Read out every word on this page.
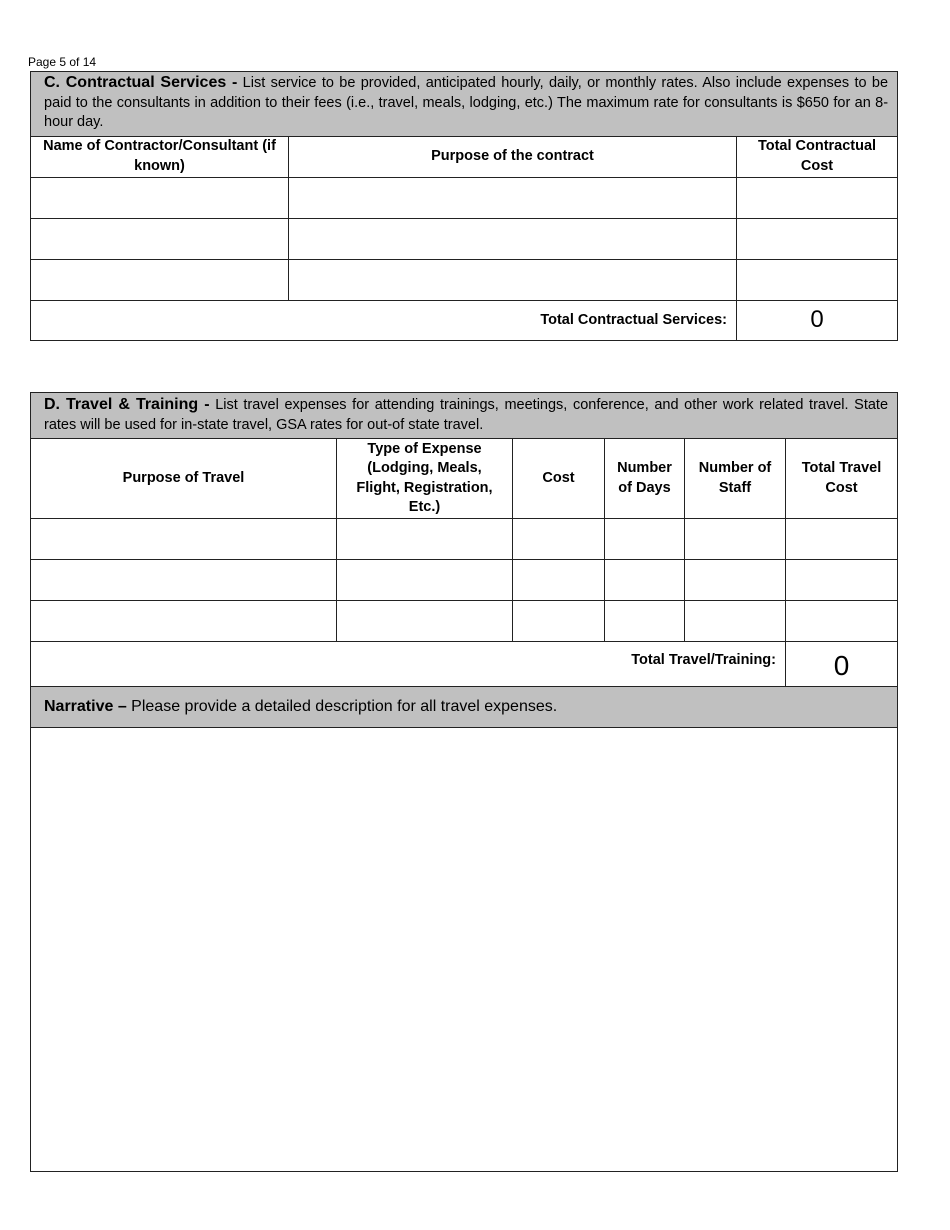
Page 5 of 14
C. Contractual Services - List service to be provided, anticipated hourly, daily, or monthly rates. Also include expenses to be paid to the consultants in addition to their fees (i.e., travel, meals, lodging, etc.) The maximum rate for consultants is $650 for an 8-hour day.		
Name of Contractor/Consultant (if known)	Purpose of the contract	Total Contractual Cost

Total Contractual Services:		0
D. Travel & Training - List travel expenses for attending trainings, meetings, conference, and other work related travel. State rates will be used for in-state travel, GSA rates for out-of state travel.					
Purpose of Travel	Type of Expense (Lodging, Meals, Flight, Registration, Etc.)	Cost	Number of Days	Number of Staff	Total Travel Cost

Total Travel/Training:					0
Narrative – Please provide a detailed description for all travel expenses.
